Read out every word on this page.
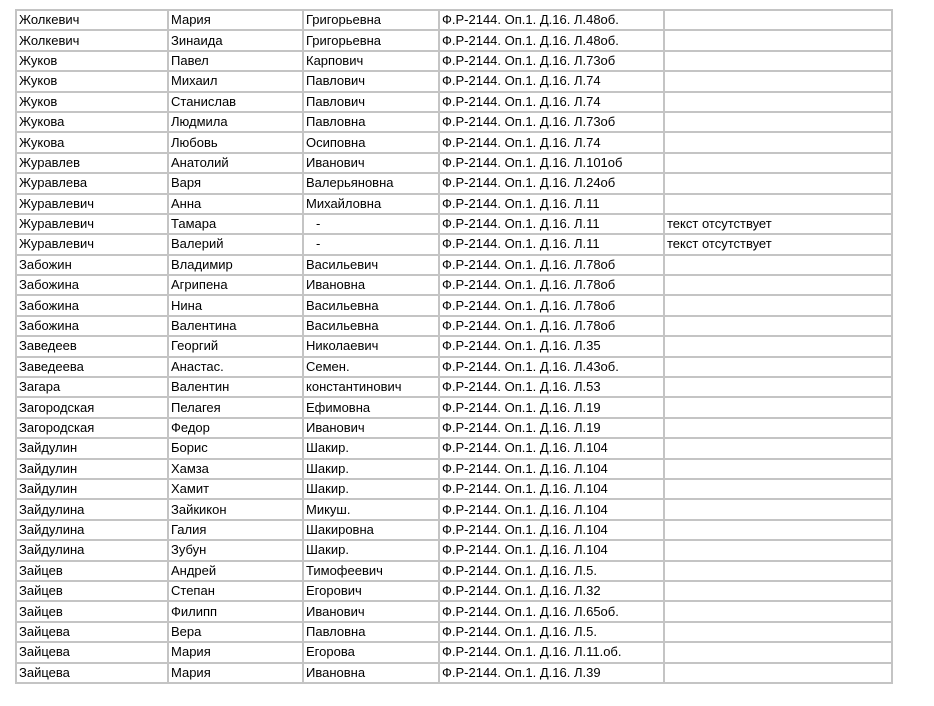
Жолкевич	Мария	Григорьевна	Ф.Р-2144. Оп.1. Д.16. Л.48об.	
Жолкевич	Зинаида	Григорьевна	Ф.Р-2144. Оп.1. Д.16. Л.48об.	
Жуков	Павел	Карпович	Ф.Р-2144. Оп.1. Д.16. Л.73об	
Жуков	Михаил	Павлович	Ф.Р-2144. Оп.1. Д.16. Л.74	
Жуков	Станислав	Павлович	Ф.Р-2144. Оп.1. Д.16. Л.74	
Жукова	Людмила	Павловна	Ф.Р-2144. Оп.1. Д.16. Л.73об	
Жукова	Любовь	Осиповна	Ф.Р-2144. Оп.1. Д.16. Л.74	
Журавлев	Анатолий	Иванович	Ф.Р-2144. Оп.1. Д.16. Л.101об	
Журавлева	Варя	Валерьяновна	Ф.Р-2144. Оп.1. Д.16. Л.24об	
Журавлевич	Анна	Михайловна	Ф.Р-2144. Оп.1. Д.16. Л.11	
Журавлевич	Тамара	-	Ф.Р-2144. Оп.1. Д.16. Л.11	текст отсутствует
Журавлевич	Валерий	-	Ф.Р-2144. Оп.1. Д.16. Л.11	текст отсутствует
Забожин	Владимир	Васильевич	Ф.Р-2144. Оп.1. Д.16. Л.78об	
Забожина	Агрипена	Ивановна	Ф.Р-2144. Оп.1. Д.16. Л.78об	
Забожина	Нина	Васильевна	Ф.Р-2144. Оп.1. Д.16. Л.78об	
Забожина	Валентина	Васильевна	Ф.Р-2144. Оп.1. Д.16. Л.78об	
Заведеев	Георгий	Николаевич	Ф.Р-2144. Оп.1. Д.16. Л.35	
Заведеева	Анастас.	Семен.	Ф.Р-2144. Оп.1. Д.16. Л.43об.	
Загара	Валентин	константинович	Ф.Р-2144. Оп.1. Д.16. Л.53	
Загородская	Пелагея	Ефимовна	Ф.Р-2144. Оп.1. Д.16. Л.19	
Загородская	Федор	Иванович	Ф.Р-2144. Оп.1. Д.16. Л.19	
Зайдулин	Борис	Шакир.	Ф.Р-2144. Оп.1. Д.16. Л.104	
Зайдулин	Хамза	Шакир.	Ф.Р-2144. Оп.1. Д.16. Л.104	
Зайдулин	Хамит	Шакир.	Ф.Р-2144. Оп.1. Д.16. Л.104	
Зайдулина	Зайкикон	Микуш.	Ф.Р-2144. Оп.1. Д.16. Л.104	
Зайдулина	Галия	Шакировна	Ф.Р-2144. Оп.1. Д.16. Л.104	
Зайдулина	Зубун	Шакир.	Ф.Р-2144. Оп.1. Д.16. Л.104	
Зайцев	Андрей	Тимофеевич	Ф.Р-2144. Оп.1. Д.16. Л.5.	
Зайцев	Степан	Егорович	Ф.Р-2144. Оп.1. Д.16. Л.32	
Зайцев	Филипп	Иванович	Ф.Р-2144. Оп.1. Д.16. Л.65об.	
Зайцева	Вера	Павловна	Ф.Р-2144. Оп.1. Д.16. Л.5.	
Зайцева	Мария	Егорова	Ф.Р-2144. Оп.1. Д.16. Л.11.об.	
Зайцева	Мария	Ивановна	Ф.Р-2144. Оп.1. Д.16. Л.39	
